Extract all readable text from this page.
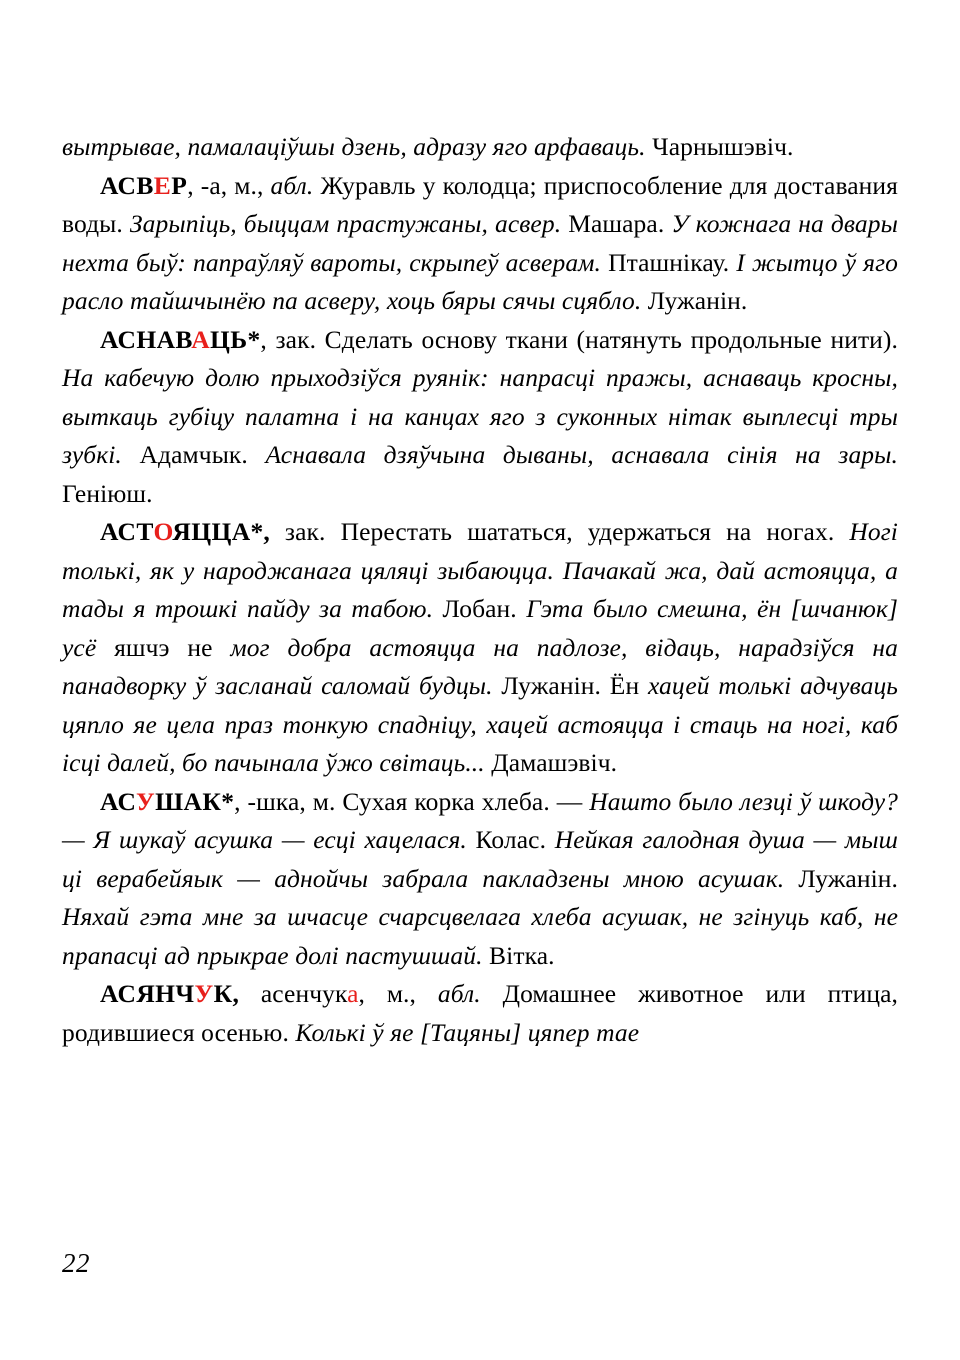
вытрывае, памалаціўшы дзень, адразу яго арфаваць. Чарнышэвіч.

АСВЕР, -а, м., абл. Журавль у колодца; приспособление для доставания воды. Зарыпіць, быццам прастужаны, асвер. Машара. У кожнага на двары нехта быў: папраўляў вароты, скрыпеў асверам. Пташнікау. І жытцо ў яго расло тайшчынёю па асверу, хоць бяры сячы сцябло. Лужанін.

АСНАВАЦЬ*, зак. Сделать основу ткани (натянуть продольные нити). На кабечую долю прыходзіўся руянік: напрасці пражы, аснаваць кросны, выткаць губіцу палатна і на канцах яго з суконных нітак выплесці тры зубкі. Адамчык. Аснавала дзяўчына дываны, аснавала сінія на зары. Геніюш.

АСТОЯЦЦА*, зак. Перестать шататься, удержаться на ногах. Ногі толькі, як у народжанага цяляці зыбаюцца. Пачакай жа, дай астояцца, а тады я трошкі пайду за табою. Лобан. Гэта было смешна, ён [шчанюк] усё яшчэ не мог добра астояцца на падлозе, відаць, нарадзіўся на панадворку ў засланай саломай будцы. Лужанін. Ён хацей толькі адчуваць цяпло яе цела праз тонкую спадніцу, хацей астояцца і стаць на ногі, каб ісці далей, бо пачынала ўжо світаць... Дамашэвіч.

АСУШАК*, -шка, м. Сухая корка хлеба. — Нашто было лезці ў шкоду? — Я шукаў асушка — есці хацелася. Колас. Нейкая галодная душа — мыш ці верабейяык — аднойчы забрала пакладзены мною асушак. Лужанін. Няхай гэта мне за шчасце счарсцвелага хлеба асушак, не згінуць каб, не прапасці ад прыкрае долі пастушшай. Вітка.

АСЯНЧУК, асенчука, м., абл. Домашнее животное или птица, родившиеся осенью. Колькі ў яе [Тацяны] цяпер тае

22
